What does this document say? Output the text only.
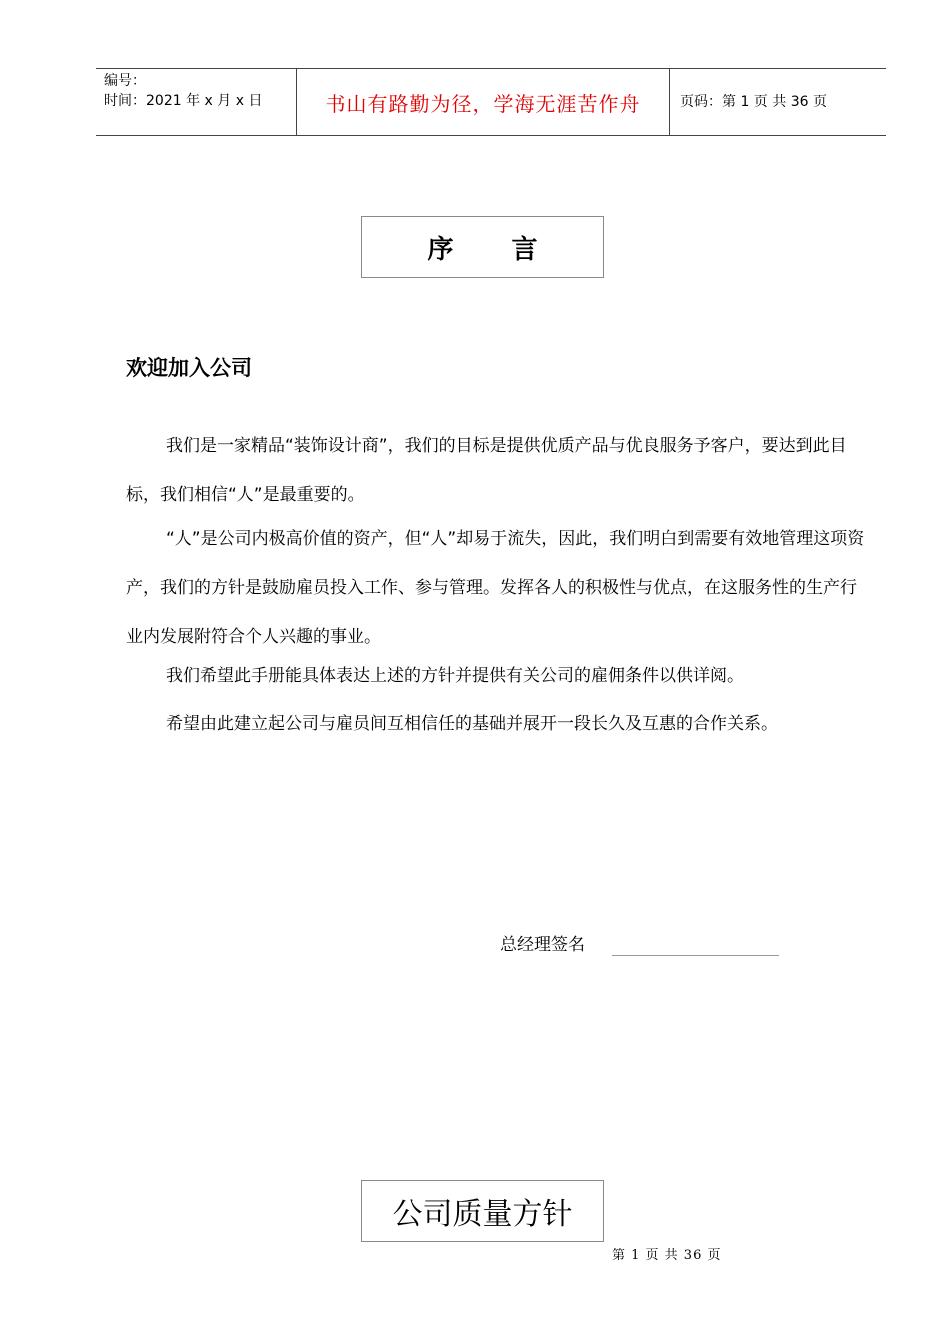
编号：
时间：2021 年 x 月 x 日	书山有路勤为径，学海无涯苦作舟	页码：第 1 页 共 36 页
序言
欢迎加入公司
我们是一家精品“装饰设计商”，我们的目标是提供优质产品与优良服务予客户，要达到此目标，我们相信“人”是最重要的。
“人”是公司内极高价值的资产，但“人”却易于流失，因此，我们明白到需要有效地管理这项资产，我们的方针是鼓励雇员投入工作、参与管理。发挥各人的积极性与优点，在这服务性的生产行业内发展附符合个人兴趣的事业。
我们希望此手册能具体表达上述的方针并提供有关公司的雇佣条件以供详阅。
希望由此建立起公司与雇员间互相信任的基础并展开一段长久及互惠的合作关系。
总经理签名
公司质量方针
第 1 页 共 36 页
